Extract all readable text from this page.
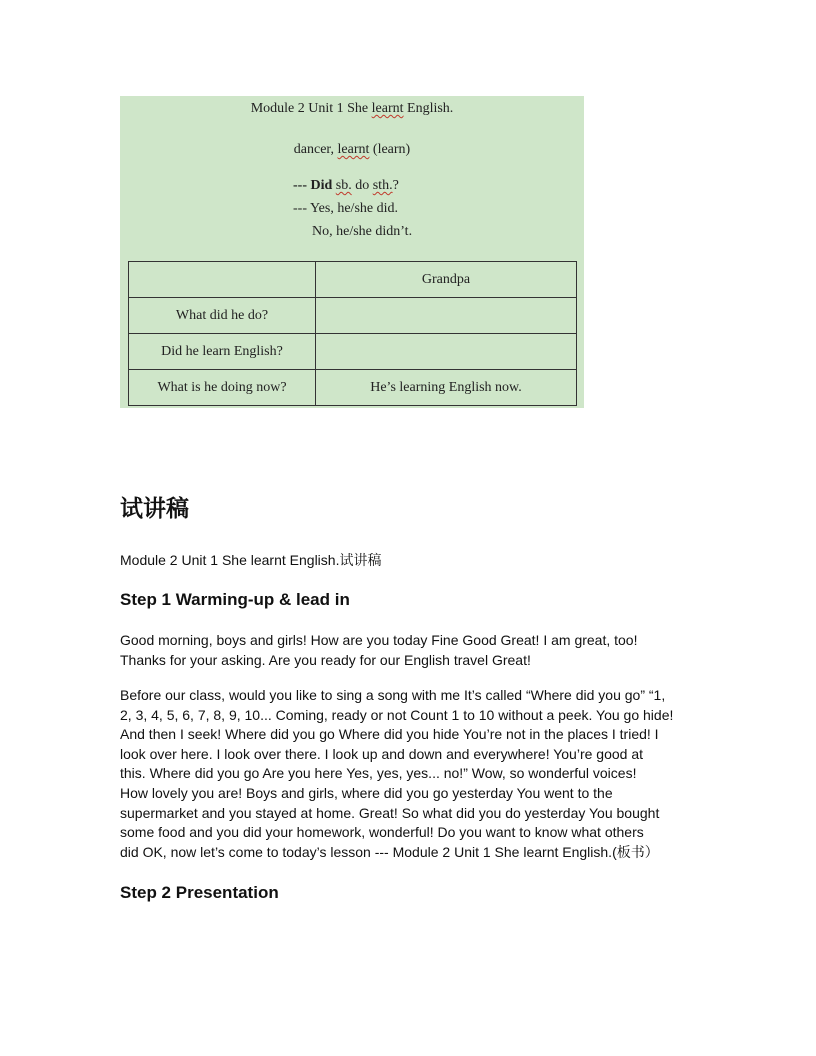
Module 2 Unit 1 She learnt English.
dancer, learnt (learn)
--- Did sb. do sth.?
--- Yes, he/she did.
No, he/she didn’t.
	Grandpa
What did he do?	
Did he learn English?	
What is he doing now?	He’s learning English now.
试讲稿
Module 2 Unit 1 She learnt English.试讲稿
Step 1 Warming-up & lead in
Good morning, boys and girls! How are you today Fine Good Great! I am great, too!
Thanks for your asking. Are you ready for our English travel Great!
Before our class, would you like to sing a song with me It’s called “Where did you go” “1,
2, 3, 4, 5, 6, 7, 8, 9, 10... Coming, ready or not Count 1 to 10 without a peek. You go hide!
And then I seek! Where did you go Where did you hide You’re not in the places I tried! I
look over here. I look over there. I look up and down and everywhere! You’re good at
this. Where did you go Are you here Yes, yes, yes... no!” Wow, so wonderful voices!
How lovely you are! Boys and girls, where did you go yesterday You went to the
supermarket and you stayed at home. Great! So what did you do yesterday You bought
some food and you did your homework, wonderful! Do you want to know what others
did OK, now let’s come to today’s lesson --- Module 2 Unit 1 She learnt English.(板书）
Step 2 Presentation
